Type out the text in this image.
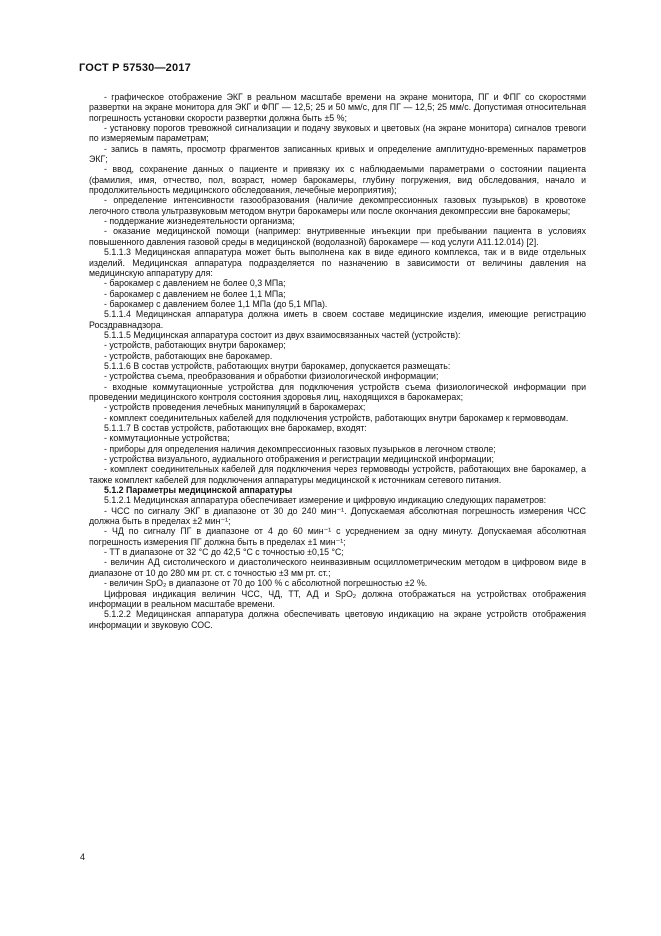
ГОСТ Р 57530—2017
- графическое отображение ЭКГ в реальном масштабе времени на экране монитора, ПГ и ФПГ со скоростями развертки на экране монитора для ЭКГ и ФПГ — 12,5; 25 и 50 мм/с, для ПГ — 12,5; 25 мм/с. Допустимая относительная погрешность установки скорости развертки должна быть ±5 %;
- установку порогов тревожной сигнализации и подачу звуковых и цветовых (на экране монитора) сигналов тревоги по измеряемым параметрам;
- запись в память, просмотр фрагментов записанных кривых и определение амплитудно-временных параметров ЭКГ;
- ввод, сохранение данных о пациенте и привязку их с наблюдаемыми параметрами о состоянии пациента (фамилия, имя, отчество, пол, возраст, номер барокамеры, глубину погружения, вид обследования, начало и продолжительность медицинского обследования, лечебные мероприятия);
- определение интенсивности газообразования (наличие декомпрессионных газовых пузырьков) в кровотоке легочного ствола ультразвуковым методом внутри барокамеры или после окончания декомпрессии вне барокамеры;
- поддержание жизнедеятельности организма;
- оказание медицинской помощи (например: внутривенные инъекции при пребывании пациента в условиях повышенного давления газовой среды в медицинской (водолазной) барокамере — код услуги А11.12.014) [2].
5.1.1.3 Медицинская аппаратура может быть выполнена как в виде единого комплекса, так и в виде отдельных изделий. Медицинская аппаратура подразделяется по назначению в зависимости от величины давления на медицинскую аппаратуру для:
- барокамер с давлением не более 0,3 МПа;
- барокамер с давлением не более 1,1 МПа;
- барокамер с давлением более 1,1 МПа (до 5,1 МПа).
5.1.1.4 Медицинская аппаратура должна иметь в своем составе медицинские изделия, имеющие регистрацию Росздравнадзора.
5.1.1.5 Медицинская аппаратура состоит из двух взаимосвязанных частей (устройств):
- устройств, работающих внутри барокамер;
- устройств, работающих вне барокамер.
5.1.1.6 В состав устройств, работающих внутри барокамер, допускается размещать:
- устройства съема, преобразования и обработки физиологической информации;
- входные коммутационные устройства для подключения устройств съема физиологической информации при проведении медицинского контроля состояния здоровья лиц, находящихся в барокамерах;
- устройств проведения лечебных манипуляций в барокамерах;
- комплект соединительных кабелей для подключения устройств, работающих внутри барокамер к гермовводам.
5.1.1.7 В состав устройств, работающих вне барокамер, входят:
- коммутационные устройства;
- приборы для определения наличия декомпрессионных газовых пузырьков в легочном стволе;
- устройства визуального, аудиального отображения и регистрации медицинской информации;
- комплект соединительных кабелей для подключения через гермовводы устройств, работающих вне барокамер, а также комплект кабелей для подключения аппаратуры медицинской к источникам сетевого питания.
5.1.2 Параметры медицинской аппаратуры
5.1.2.1 Медицинская аппаратура обеспечивает измерение и цифровую индикацию следующих параметров:
- ЧСС по сигналу ЭКГ в диапазоне от 30 до 240 мин⁻¹. Допускаемая абсолютная погрешность измерения ЧСС должна быть в пределах ±2 мин⁻¹;
- ЧД по сигналу ПГ в диапазоне от 4 до 60 мин⁻¹ с усреднением за одну минуту. Допускаемая абсолютная погрешность измерения ПГ должна быть в пределах ±1 мин⁻¹;
- ТТ в диапазоне от 32 °С до 42,5 °С с точностью ±0,15 °С;
- величин АД систолического и диастолического неинвазивным осциллометрическим методом в цифровом виде в диапазоне от 10 до 280 мм рт. ст. с точностью ±3 мм рт. ст.;
- величин SpO₂ в диапазоне от 70 до 100 % с абсолютной погрешностью ±2 %.
Цифровая индикация величин ЧСС, ЧД, ТТ, АД и SpO₂ должна отображаться на устройствах отображения информации в реальном масштабе времени.
5.1.2.2 Медицинская аппаратура должна обеспечивать цветовую индикацию на экране устройств отображения информации и звуковую СОС.
4
